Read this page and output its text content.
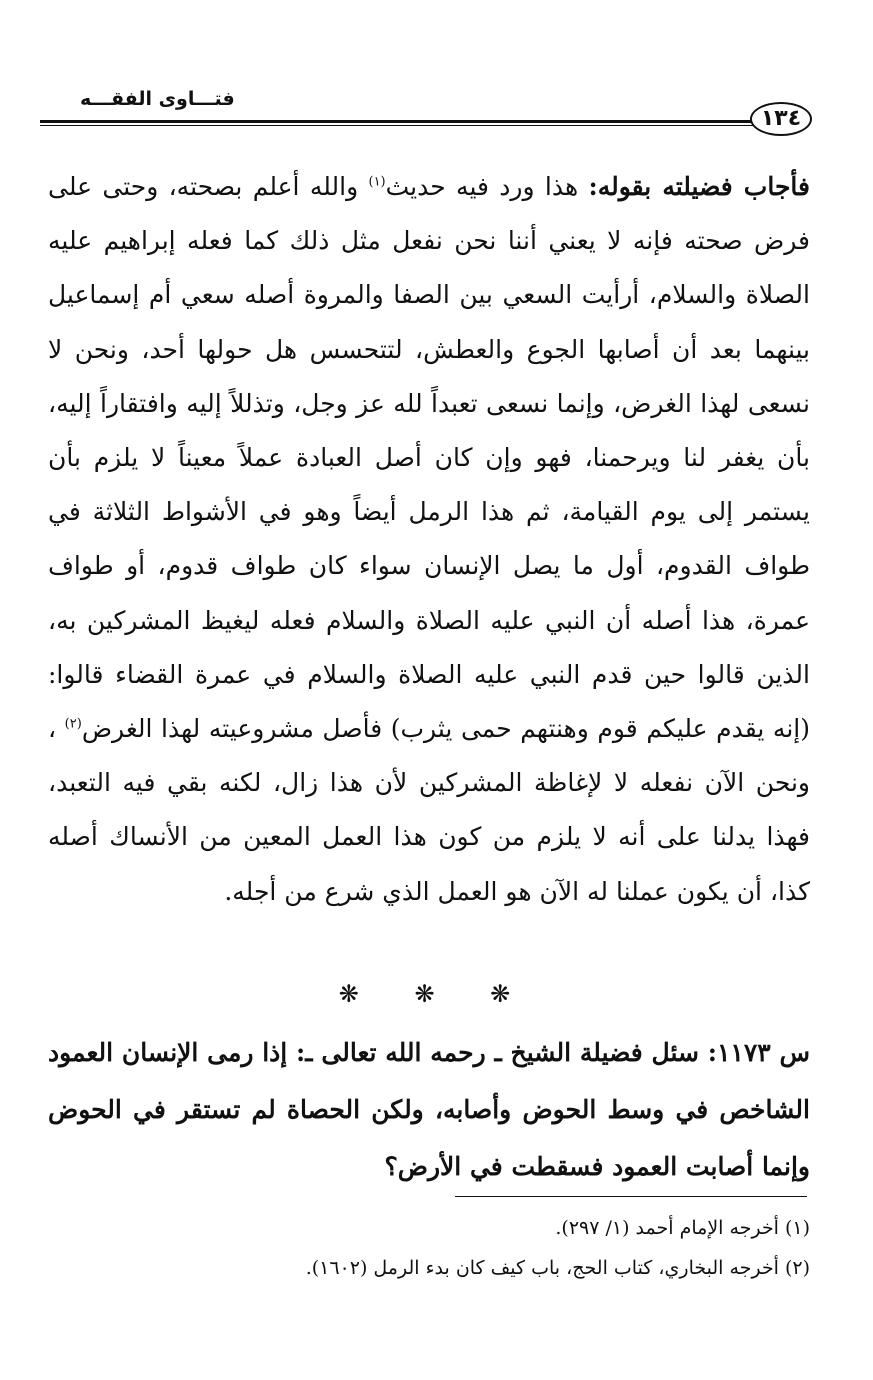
فتـــاوى الفقـــه
١٣٤
فأجاب فضيلته بقوله: هذا ورد فيه حديث$^{(١)}$ والله أعلم بصحته، وحتى على فرض صحته فإنه لا يعني أننا نحن نفعل مثل ذلك كما فعله إبراهيم عليه الصلاة والسلام، أرأيت السعي بين الصفا والمروة أصله سعي أم إسماعيل بينهما بعد أن أصابها الجوع والعطش، لتتحسس هل حولها أحد، ونحن لا نسعى لهذا الغرض، وإنما نسعى تعبداً لله عز وجل، وتذللاً إليه وافتقاراً إليه، بأن يغفر لنا ويرحمنا، فهو وإن كان أصل العبادة عملاً معيناً لا يلزم بأن يستمر إلى يوم القيامة، ثم هذا الرمل أيضاً وهو في الأشواط الثلاثة في طواف القدوم، أول ما يصل الإنسان سواء كان طواف قدوم، أو طواف عمرة، هذا أصله أن النبي عليه الصلاة والسلام فعله ليغيظ المشركين به، الذين قالوا حين قدم النبي عليه الصلاة والسلام في عمرة القضاء قالوا: (إنه يقدم عليكم قوم وهنتهم حمى يثرب) فأصل مشروعيته لهذا الغرض$^{(٢)}$ ، ونحن الآن نفعله لا لإغاظة المشركين لأن هذا زال، لكنه بقي فيه التعبد، فهذا يدلنا على أنه لا يلزم من كون هذا العمل المعين من الأنساك أصله كذا، أن يكون عملنا له الآن هو العمل الذي شرع من أجله.
❋ ❋ ❋
س ١١٧٣: سئل فضيلة الشيخ ـ رحمه الله تعالى ـ: إذا رمى الإنسان العمود الشاخص في وسط الحوض وأصابه، ولكن الحصاة لم تستقر في الحوض وإنما أصابت العمود فسقطت في الأرض؟
(١) أخرجه الإمام أحمد (١/ ٢٩٧).
(٢) أخرجه البخاري، كتاب الحج، باب كيف كان بدء الرمل (١٦٠٢).
